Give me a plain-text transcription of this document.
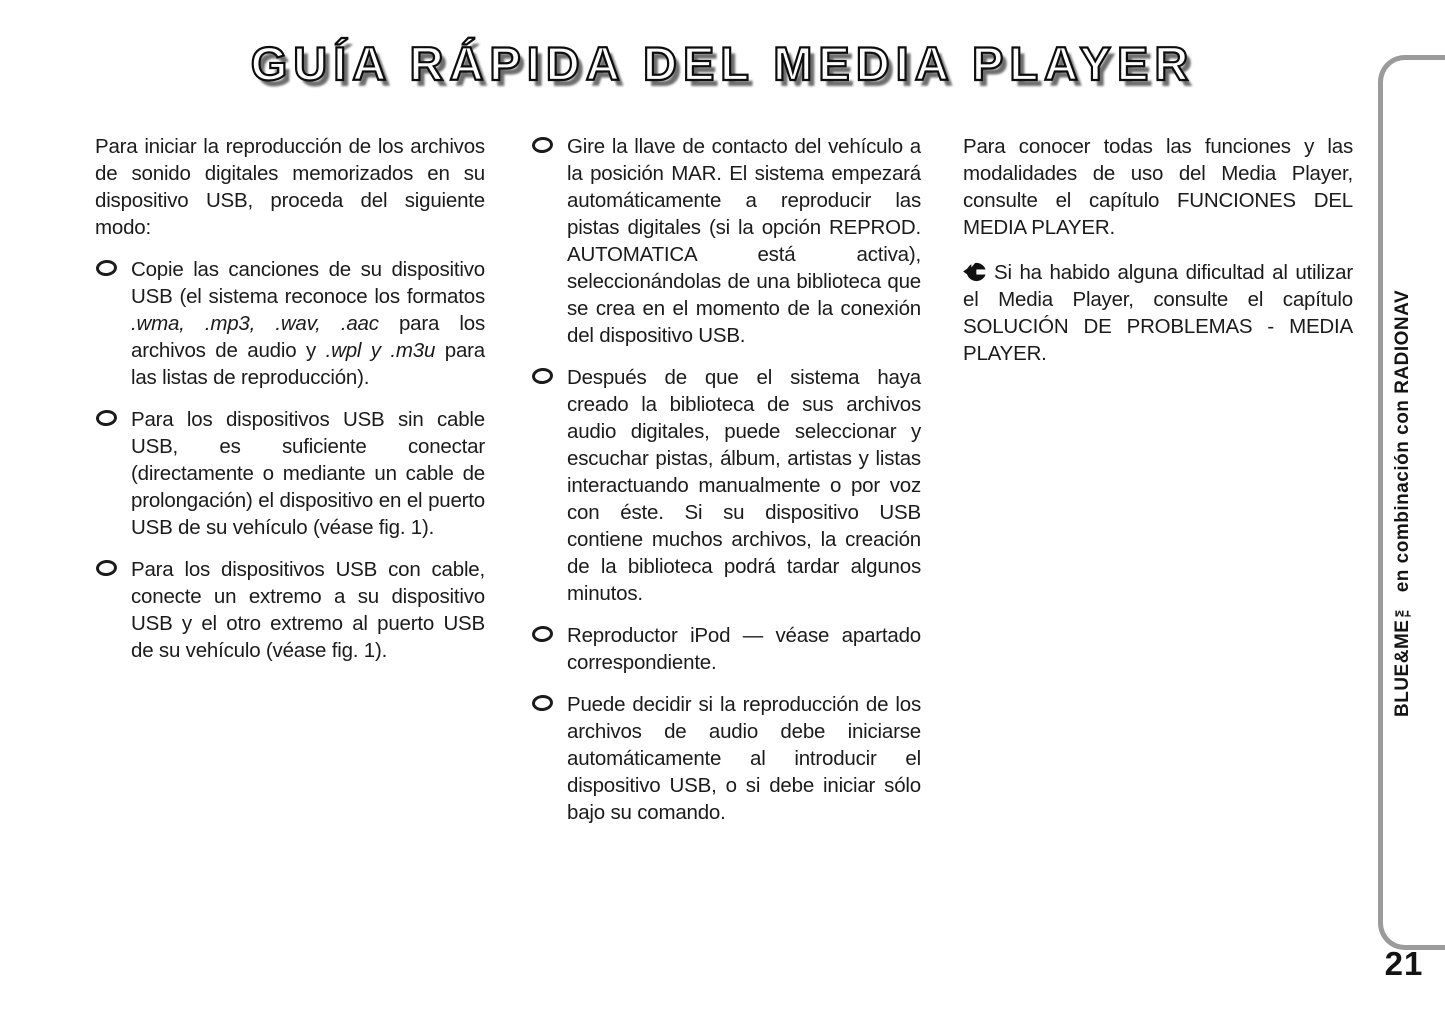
GUÍA RÁPIDA DEL MEDIA PLAYER

Para iniciar la reproducción de los archivos de sonido digitales memorizados en su dispositivo USB, proceda del siguiente modo:

Copie las canciones de su dispositivo USB (el sistema reconoce los formatos .wma, .mp3, .wav, .aac para los archivos de audio y .wpl y .m3u para las listas de reproducción).
Para los dispositivos USB sin cable USB, es suficiente conectar (directamente o mediante un cable de prolongación) el dispositivo en el puerto USB de su vehículo (véase fig. 1).
Para los dispositivos USB con cable, conecte un extremo a su dispositivo USB y el otro extremo al puerto USB de su vehículo (véase fig. 1).
Gire la llave de contacto del vehículo a la posición MAR. El sistema empezará automáticamente a reproducir las pistas digitales (si la opción REPROD. AUTOMATICA está activa), seleccionándolas de una biblioteca que se crea en el momento de la conexión del dispositivo USB.
Después de que el sistema haya creado la biblioteca de sus archivos audio digitales, puede seleccionar y escuchar pistas, álbum, artistas y listas interactuando manualmente o por voz con éste. Si su dispositivo USB contiene muchos archivos, la creación de la biblioteca podrá tardar algunos minutos.
Reproductor iPod — véase apartado correspondiente.
Puede decidir si la reproducción de los archivos de audio debe iniciarse automáticamente al introducir el dispositivo USB, o si debe iniciar sólo bajo su comando.

Para conocer todas las funciones y las modalidades de uso del Media Player, consulte el capítulo FUNCIONES DEL MEDIA PLAYER.

Si ha habido alguna dificultad al utilizar el Media Player, consulte el capítulo SOLUCIÓN DE PROBLEMAS - MEDIA PLAYER.	BLUE&ME™ en combinación con RADIONAV
21
